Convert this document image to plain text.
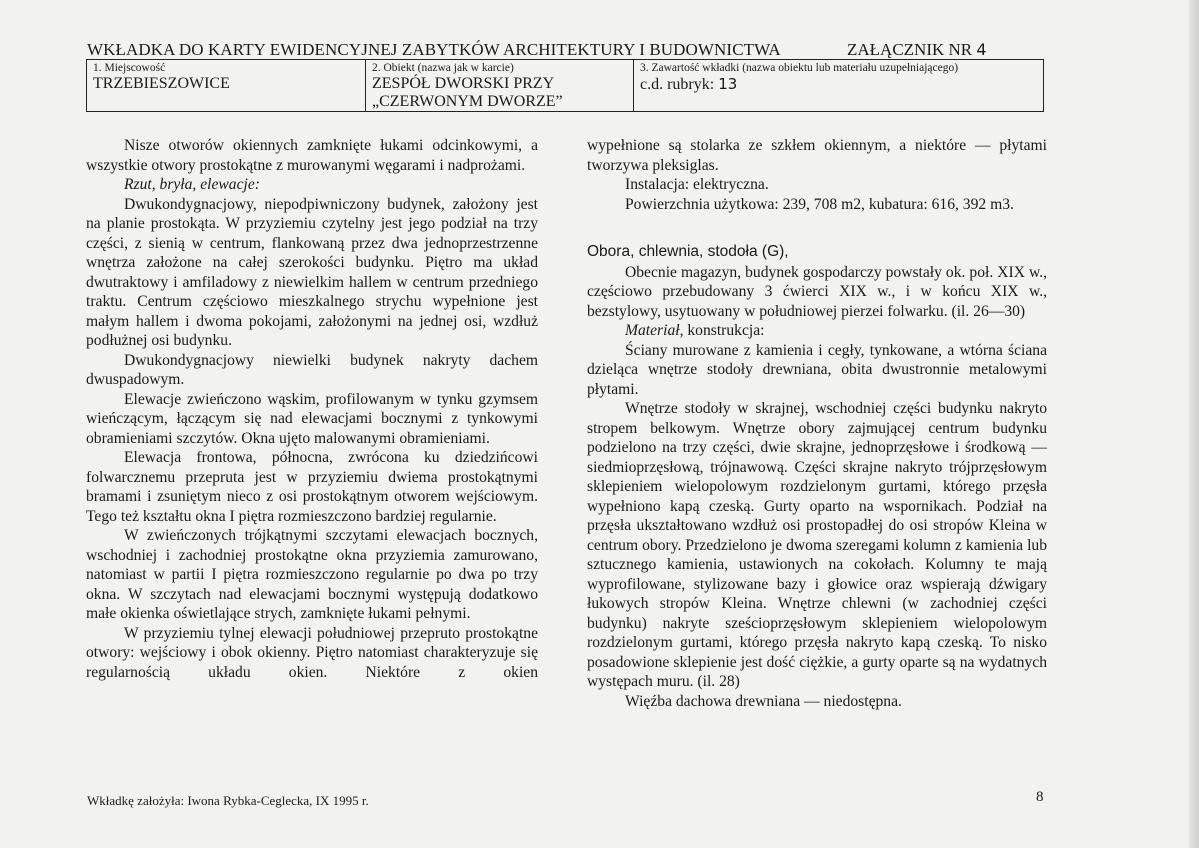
WKŁADKA DO KARTY EWIDENCYJNEJ ZABYTKÓW ARCHITEKTURY I BUDOWNICTWA	ZAŁĄCZNIK NR 4
1. Miejscowość
TRZEBIESZOWICE
2. Obiekt (nazwa jak w karcie)
ZESPÓŁ DWORSKI PRZY
„CZERWONYM DWORZE”
3. Zawartość wkładki (nazwa obiektu lub materiału uzupełniającego)
c.d. rubryk: 13

Nisze otworów okiennych zamknięte łukami odcinkowymi, a wszystkie otwory prostokątne z murowanymi węgarami i nadprożami.

Rzut, bryła, elewacje:

Dwukondygnacjowy, niepodpiwniczony budynek, założony jest na planie prostokąta. W przyziemiu czytelny jest jego podział na trzy części, z sienią w centrum, flankowaną przez dwa jednoprzestrzenne wnętrza założone na całej szerokości budynku. Piętro ma układ dwutraktowy i amfiladowy z niewielkim hallem w centrum przedniego traktu. Centrum częściowo mieszkalnego strychu wypełnione jest małym hallem i dwoma pokojami, założonymi na jednej osi, wzdłuż podłużnej osi budynku.

Dwukondygnacjowy niewielki budynek nakryty dachem dwuspadowym.

Elewacje zwieńczono wąskim, profilowanym w tynku gzymsem wieńczącym, łączącym się nad elewacjami bocznymi z tynkowymi obramieniami szczytów. Okna ujęto malowanymi obramieniami.

Elewacja frontowa, północna, zwrócona ku dziedzińcowi folwarcznemu przepruta jest w przyziemiu dwiema prostokątnymi bramami i zsuniętym nieco z osi prostokątnym otworem wejściowym. Tego też kształtu okna I piętra rozmieszczono bardziej regularnie.

W zwieńczonych trójkątnymi szczytami elewacjach bocznych, wschodniej i zachodniej prostokątne okna przyziemia zamurowano, natomiast w partii I piętra rozmieszczono regularnie po dwa po trzy okna. W szczytach nad elewacjami bocznymi występują dodatkowo małe okienka oświetlające strych, zamknięte łukami pełnymi.

W przyziemiu tylnej elewacji południowej przepruto prostokątne otwory: wejściowy i obok okienny. Piętro natomiast charakteryzuje się regularnością układu okien. Niektóre z okien

wypełnione są stolarka ze szkłem okiennym, a niektóre — płytami tworzywa pleksiglas.

Instalacja: elektryczna.

Powierzchnia użytkowa: 239, 708 m2, kubatura: 616, 392 m3.

Obora, chlewnia, stodoła (G),

Obecnie magazyn, budynek gospodarczy powstały ok. poł. XIX w., częściowo przebudowany 3 ćwierci XIX w., i w końcu XIX w., bezstylowy, usytuowany w południowej pierzei folwarku. (il. 26—30)

Materiał, konstrukcja:

Ściany murowane z kamienia i cegły, tynkowane, a wtórna ściana dzieląca wnętrze stodoły drewniana, obita dwustronnie metalowymi płytami.

Wnętrze stodoły w skrajnej, wschodniej części budynku nakryto stropem belkowym. Wnętrze obory zajmującej centrum budynku podzielono na trzy części, dwie skrajne, jednoprzęsłowe i środkową — siedmioprzęsłową, trójnawową. Części skrajne nakryto trójprzęsłowym sklepieniem wielopolowym rozdzielonym gurtami, którego przęsła wypełniono kapą czeską. Gurty oparto na wspornikach. Podział na przęsła ukształtowano wzdłuż osi prostopadłej do osi stropów Kleina w centrum obory. Przedzielono je dwoma szeregami kolumn z kamienia lub sztucznego kamienia, ustawionych na cokołach. Kolumny te mają wyprofilowane, stylizowane bazy i głowice oraz wspierają dźwigary łukowych stropów Kleina. Wnętrze chlewni (w zachodniej części budynku) nakryte sześcioprzęsłowym sklepieniem wielopolowym rozdzielonym gurtami, którego przęsła nakryto kapą czeską. To nisko posadowione sklepienie jest dość ciężkie, a gurty oparte są na wydatnych występach muru. (il. 28)

Więźba dachowa drewniana — niedostępna.

Wkładkę założyła: Iwona Rybka-Ceglecka, IX 1995 r.	8
